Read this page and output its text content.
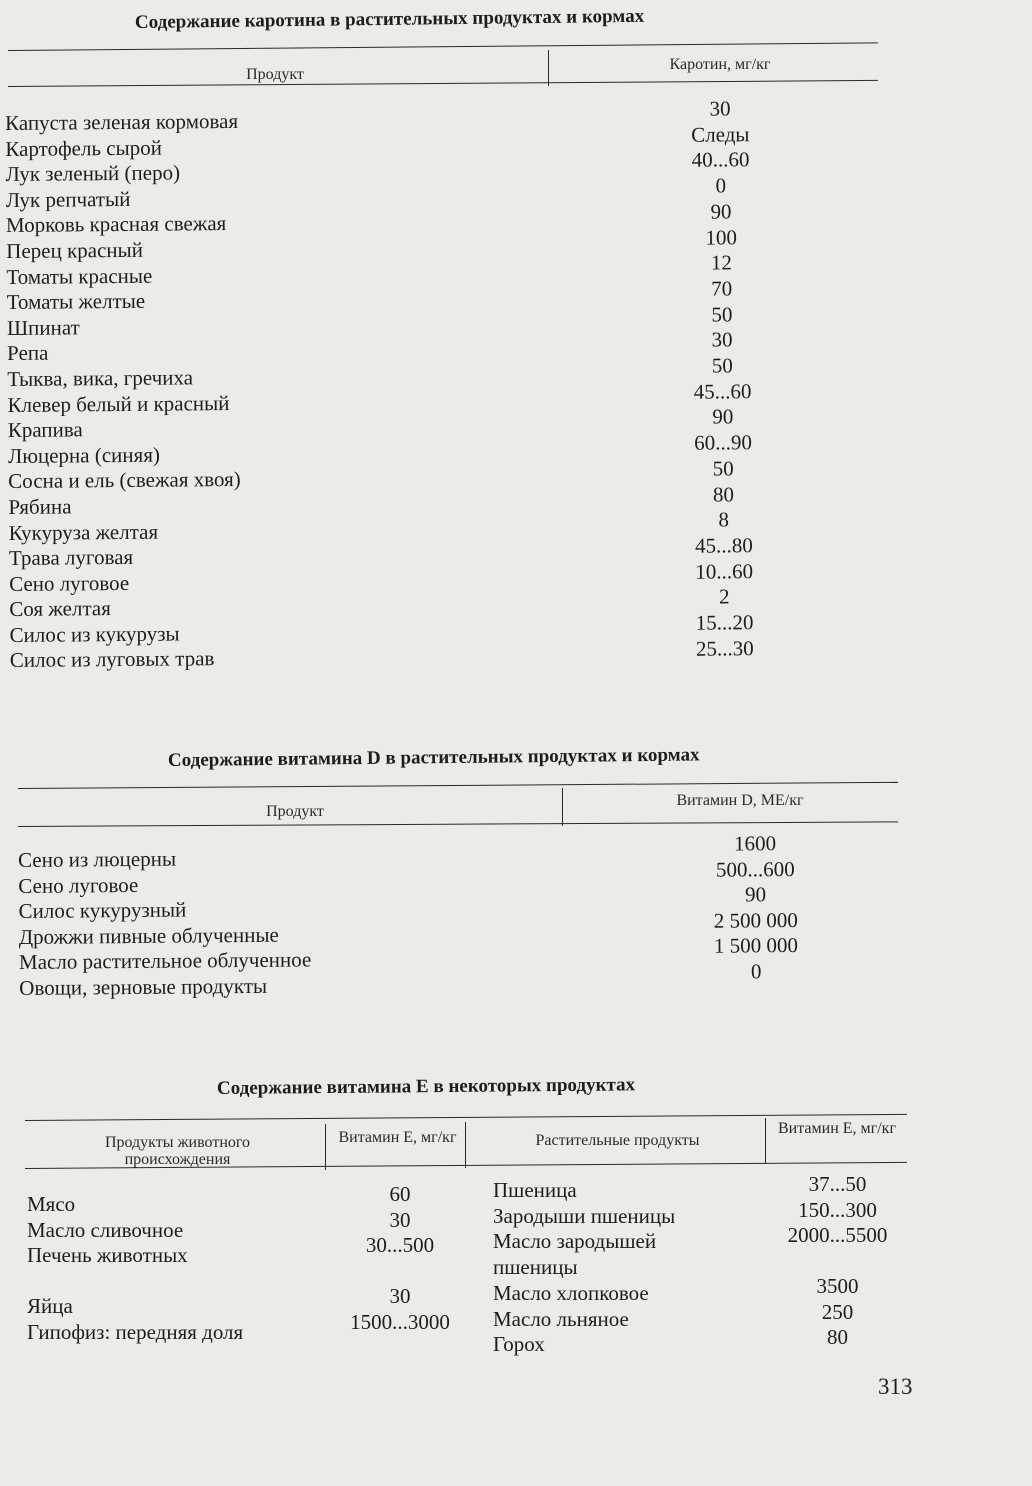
Содержание каротина в растительных продуктах и кормах
Продукт
Каротин, мг/кг
Капуста зеленая кормовая
Картофель сырой
Лук зеленый (перо)
Лук репчатый
Морковь красная свежая
Перец красный
Томаты красные
Томаты желтые
Шпинат
Репа
Тыква, вика, гречиха
Клевер белый и красный
Крапива
Люцерна (синяя)
Сосна и ель (свежая хвоя)
Рябина
Кукуруза желтая
Трава луговая
Сено луговое
Соя желтая
Силос из кукурузы
Силос из луговых трав
30
Следы
40...60
0
90
100
12
70
50
30
50
45...60
90
60...90
50
80
8
45...80
10...60
2
15...20
25...30
Содержание витамина D в растительных продуктах и кормах
Продукт
Витамин D, МЕ/кг
Сено из люцерны
Сено луговое
Силос кукурузный
Дрожжи пивные облученные
Масло растительное облученное
Овощи, зерновые продукты
1600
500...600
90
2 500 000
1 500 000
0
Содержание витамина Е в некоторых продуктах
Продукты животного происхождения
Витамин Е, мг/кг	Растительные продукты
Витамин Е, мг/кг
Мясо
Масло сливочное
Печень животных

Яйца
Гипофиз: передняя доля
60
30
30...500

30
1500...3000
Пшеница
Зародыши пшеницы
Масло зародышей
пшеницы
Масло хлопковое
Масло льняное
Горох
37...50
150...300
2000...5500

3500
250
80
313
